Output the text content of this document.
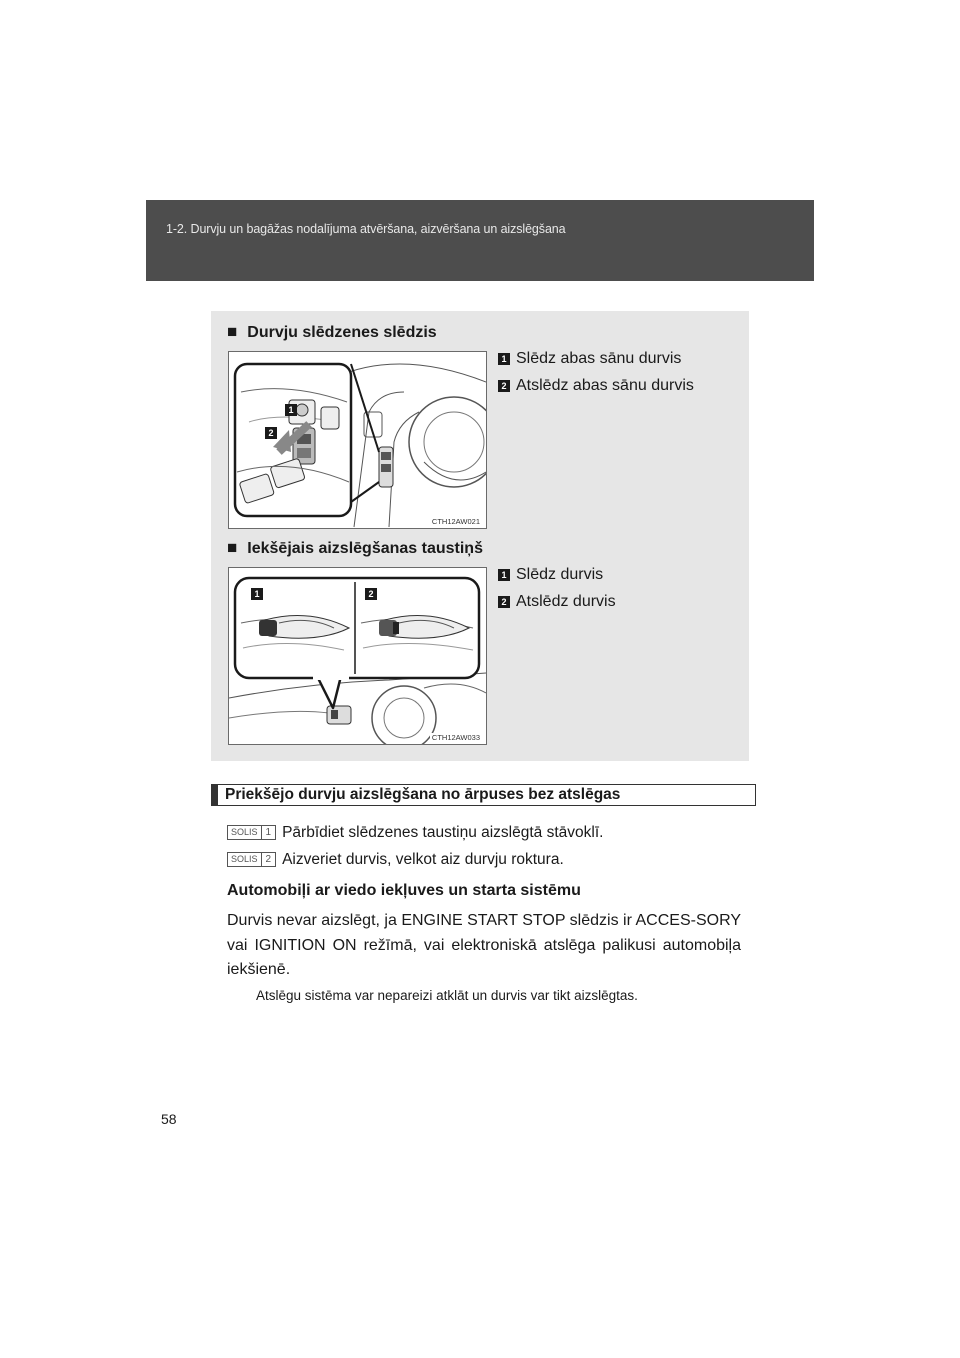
1-2. Durvju un bagāžas nodalījuma atvēršana, aizvēršana un aizslēgšana
■ Durvju slēdzenes slēdzis
1
2
CTH12AW021
1 Slēdz abas sānu durvis
2 Atslēdz abas sānu durvis
■ Iekšējais aizslēgšanas taustiņš
1	2
CTH12AW033
1 Slēdz durvis
2 Atslēdz durvis
Priekšējo durvju aizslēgšana no ārpuses bez atslēgas
SOLIS 1 Pārbīdiet slēdzenes taustiņu aizslēgtā stāvoklī.
SOLIS 2 Aizveriet durvis, velkot aiz durvju roktura.
Automobiļi ar viedo iekļuves un starta sistēmu
Durvis nevar aizslēgt, ja ENGINE START STOP slēdzis ir ACCES-SORY vai IGNITION ON režīmā, vai elektroniskā atslēga palikusi automobiļa iekšienē.
Atslēgu sistēma var nepareizi atklāt un durvis var tikt aizslēgtas.
58
